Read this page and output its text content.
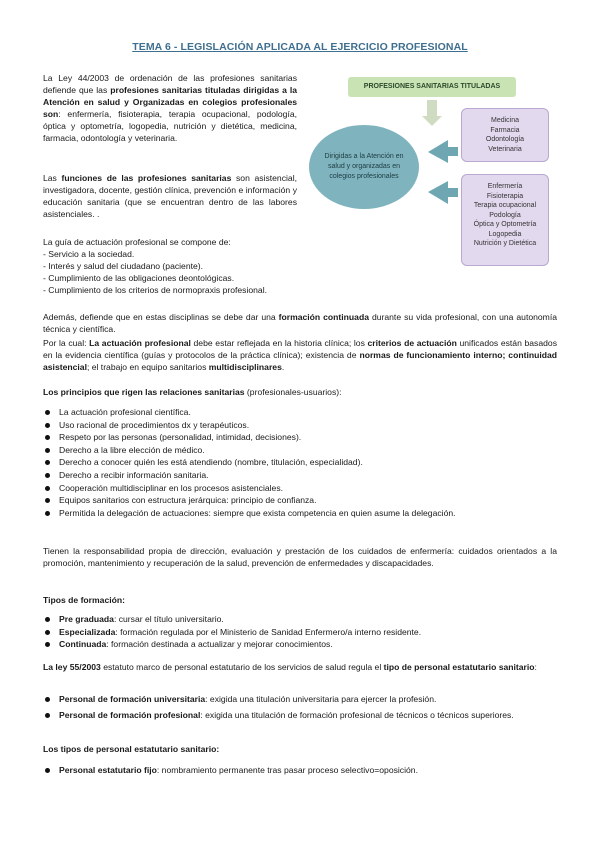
TEMA 6 - LEGISLACIÓN APLICADA AL EJERCICIO PROFESIONAL
La Ley 44/2003 de ordenación de las profesiones sanitarias defiende que las profesiones sanitarias tituladas dirigidas a la Atención en salud y Organizadas en colegios profesionales son: enfermería, fisioterapia, terapia ocupacional, podología, óptica y optometría, logopedia, nutrición y dietética, medicina, farmacia, odontología y veterinaria.
Las funciones de las profesiones sanitarias son asistencial, investigadora, docente, gestión clínica, prevención e información y educación sanitaria (que se encuentran dentro de las labores asistenciales. .

La guía de actuación profesional se compone de:

- Servicio a la sociedad.

- Interés y salud del ciudadano (paciente).

- Cumplimiento de las obligaciones deontológicas.

- Cumplimiento de los criterios de normopraxis profesional.

PROFESIONES SANITARIAS TITULADAS
Dirigidas a la Atención en salud y organizadas en colegios profesionales
Medicina
Farmacia
Odontología
Veterinaria
Enfermería
Fisioterapia
Terapia ocupacional
Podología
Óptica y Optometría
Logopedia
Nutrición y Dietética
Además, defiende que en estas disciplinas se debe dar una formación continuada durante su vida profesional, con una autonomía técnica y científica.
Por la cual: La actuación profesional debe estar reflejada en la historia clínica; los criterios de actuación unificados están basados en la evidencia científica (guías y protocolos de la práctica clínica); existencia de normas de funcionamiento interno; continuidad asistencial; el trabajo en equipo sanitarios multidisciplinares.
Los principios que rigen las relaciones sanitarias (profesionales-usuarios):
La actuación profesional científica.
Uso racional de procedimientos dx y terapéuticos.
Respeto por las personas (personalidad, intimidad, decisiones).
Derecho a la libre elección de médico.
Derecho a conocer quién les está atendiendo (nombre, titulación, especialidad).
Derecho a recibir información sanitaria.
Cooperación multidisciplinar en los procesos asistenciales.
Equipos sanitarios con estructura jerárquica: principio de confianza.
Permitida la delegación de actuaciones: siempre que exista competencia en quien asume la delegación.
Tienen la responsabilidad propia de dirección, evaluación y prestación de los cuidados de enfermería: cuidados orientados a la promoción, mantenimiento y recuperación de la salud, prevención de enfermedades y discapacidades.
Tipos de formación:
Pre graduada: cursar el título universitario.
Especializada: formación regulada por el Ministerio de Sanidad Enfermero/a interno residente.
Continuada: formación destinada a actualizar y mejorar conocimientos.
La ley 55/2003 estatuto marco de personal estatutario de los servicios de salud regula el tipo de personal estatutario sanitario:
Personal de formación universitaria: exigida una titulación universitaria para ejercer la profesión.
Personal de formación profesional: exigida una titulación de formación profesional de técnicos o técnicos superiores.
Los tipos de personal estatutario sanitario:
Personal estatutario fijo: nombramiento permanente tras pasar proceso selectivo=oposición.
